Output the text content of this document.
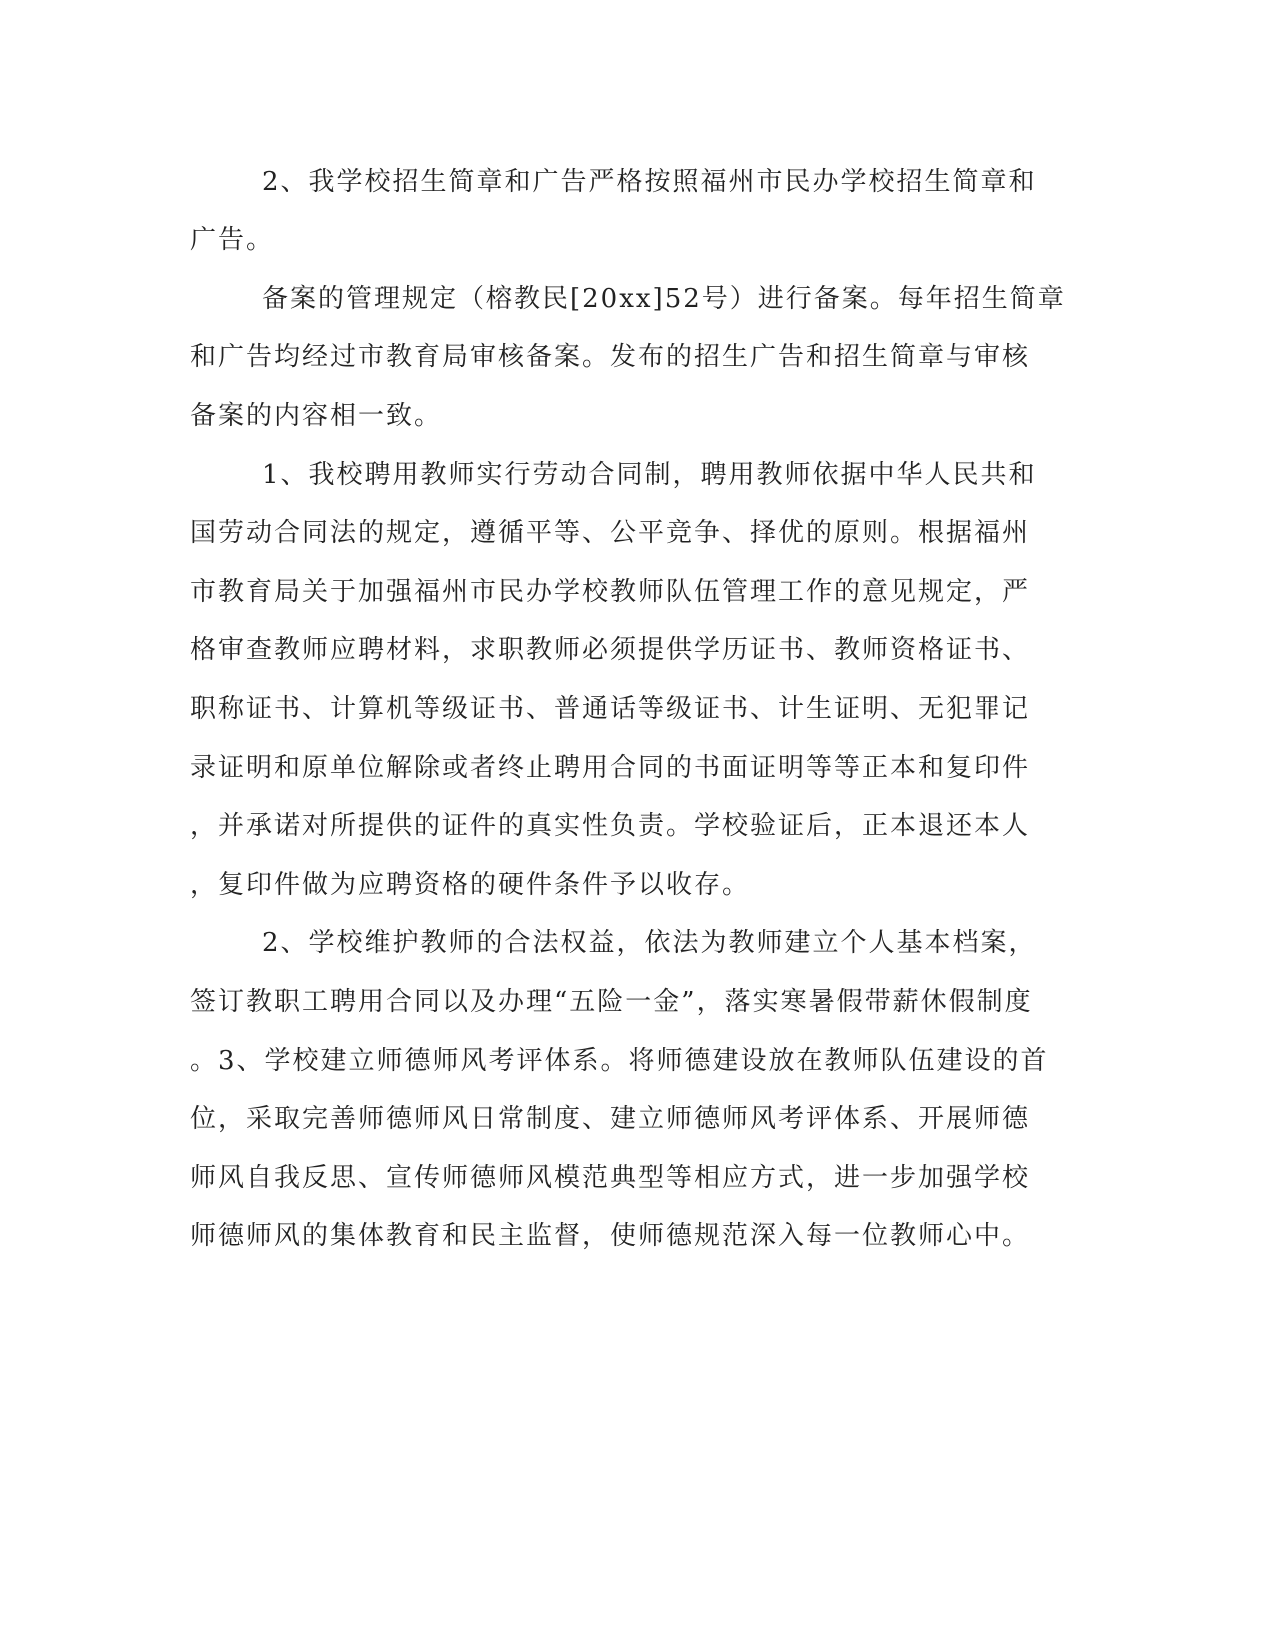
2、我学校招生简章和广告严格按照福州市民办学校招生简章和

广告。

备案的管理规定（榕教民[20xx]52号）进行备案。每年招生简章

和广告均经过市教育局审核备案。发布的招生广告和招生简章与审核

备案的内容相一致。

1、我校聘用教师实行劳动合同制，聘用教师依据中华人民共和

国劳动合同法的规定，遵循平等、公平竞争、择优的原则。根据福州

市教育局关于加强福州市民办学校教师队伍管理工作的意见规定，严

格审查教师应聘材料，求职教师必须提供学历证书、教师资格证书、

职称证书、计算机等级证书、普通话等级证书、计生证明、无犯罪记

录证明和原单位解除或者终止聘用合同的书面证明等等正本和复印件

，并承诺对所提供的证件的真实性负责。学校验证后，正本退还本人

，复印件做为应聘资格的硬件条件予以收存。

2、学校维护教师的合法权益，依法为教师建立个人基本档案，

签订教职工聘用合同以及办理“五险一金”，落实寒暑假带薪休假制度

。3、学校建立师德师风考评体系。将师德建设放在教师队伍建设的首

位，采取完善师德师风日常制度、建立师德师风考评体系、开展师德

师风自我反思、宣传师德师风模范典型等相应方式，进一步加强学校

师德师风的集体教育和民主监督，使师德规范深入每一位教师心中。
